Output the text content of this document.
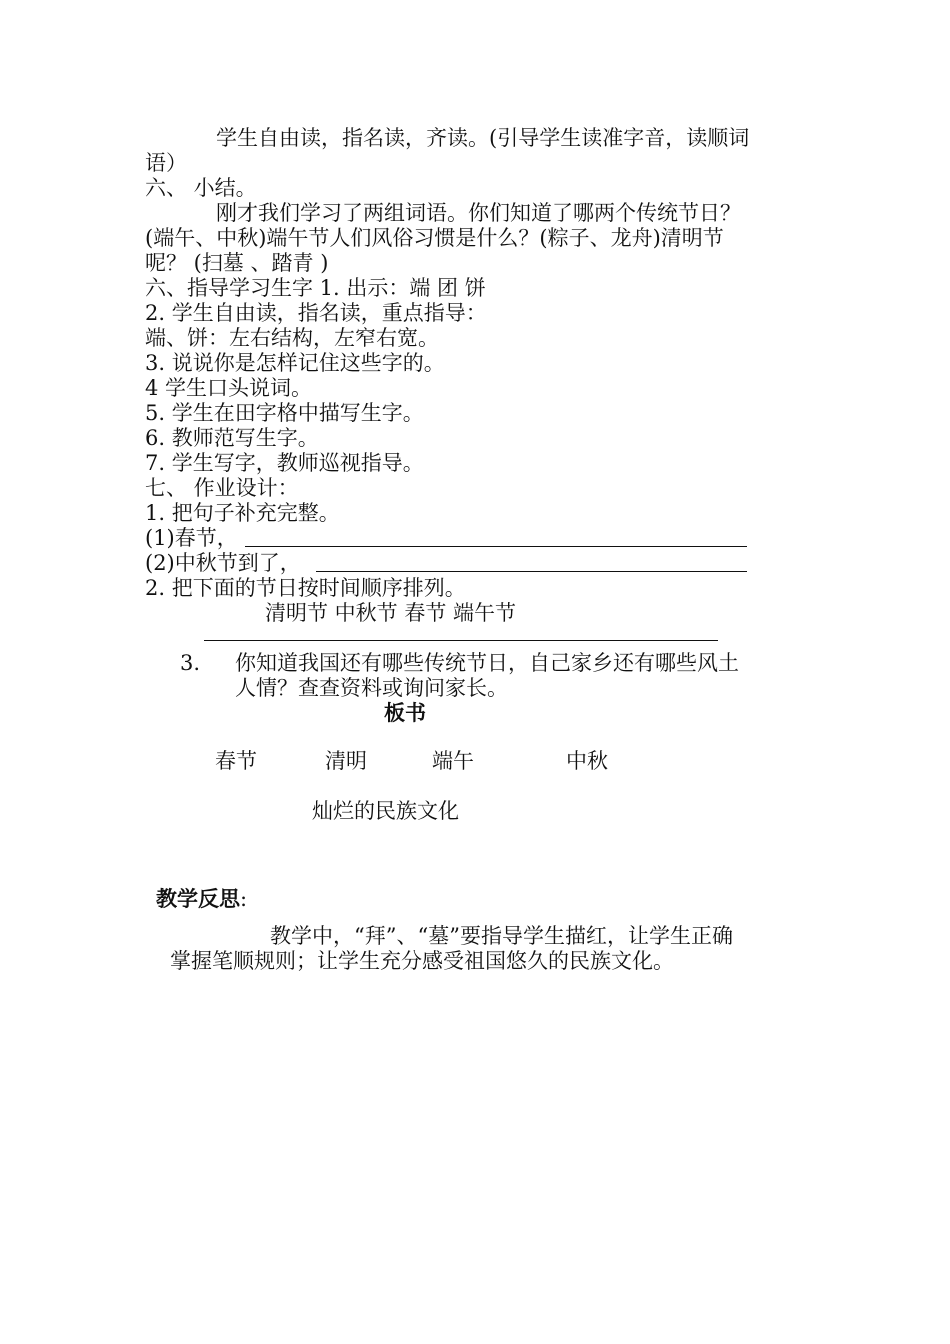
学生自由读，指名读，齐读。(引导学生读准字音，读顺词
语）
六、 小结。
刚才我们学习了两组词语。你们知道了哪两个传统节日？
(端午、中秋)端午节人们风俗习惯是什么？(粽子、龙舟)清明节
呢？ (扫墓 、踏青 )
六、指导学习生字 1. 出示：端 团 饼
2. 学生自由读，指名读，重点指导：
端、饼：左右结构，左窄右宽。
3. 说说你是怎样记住这些字的。
4 学生口头说词。
5. 学生在田字格中描写生字。
6. 教师范写生字。
7. 学生写字，教师巡视指导。
七、 作业设计：
1. 把句子补充完整。
(1)春节，
(2)中秋节到了，
2. 把下面的节日按时间顺序排列。
清明节 中秋节 春节 端午节
3. 你知道我国还有哪些传统节日，自己家乡还有哪些风土
人情？查查资料或询问家长。
板书
春节	清明	端午	中秋
灿烂的民族文化
教学反思:
教学中，“拜”、“墓”要指导学生描红，让学生正确
掌握笔顺规则；让学生充分感受祖国悠久的民族文化。
